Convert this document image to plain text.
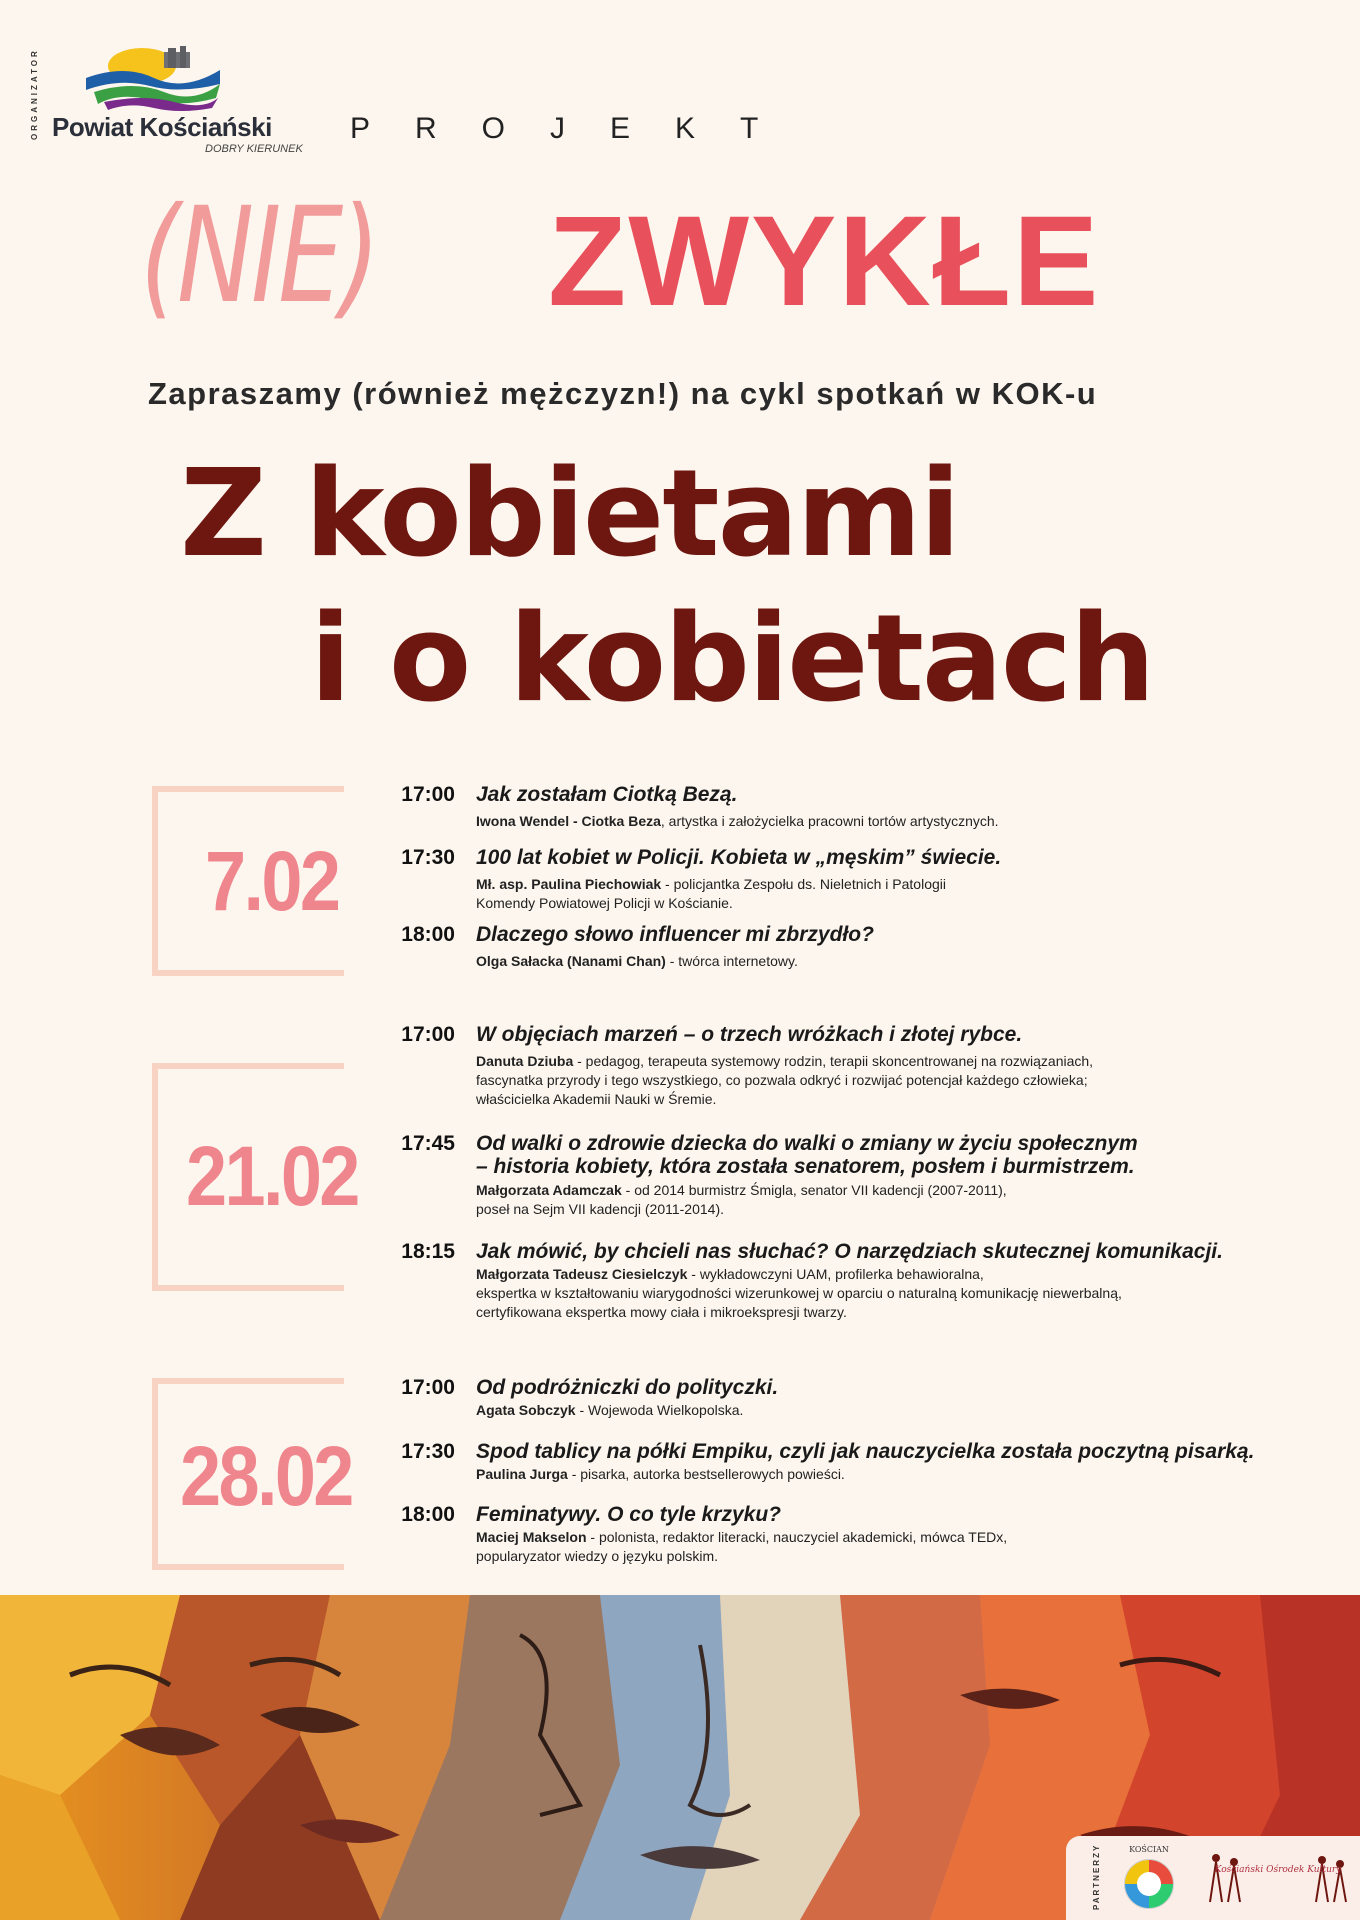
ORGANIZATOR Powiat Kościański
DOBRY KIERUNEK
PROJEKT
(NIE) ZWYKŁE
Zapraszamy (również mężczyzn!) na cykl spotkań w KOK-u
Z kobietami
i o kobietach
7.02
17:00 Jak zostałam Ciotką Bezą.
Iwona Wendel - Ciotka Beza, artystka i założycielka pracowni tortów artystycznych.
17:30 100 lat kobiet w Policji. Kobieta w „męskim” świecie.
Mł. asp. Paulina Piechowiak - policjantka Zespołu ds. Nieletnich i Patologii
Komendy Powiatowej Policji w Kościanie.
18:00 Dlaczego słowo influencer mi zbrzydło?
Olga Sałacka (Nanami Chan) - twórca internetowy.
21.02
17:00 W objęciach marzeń – o trzech wróżkach i złotej rybce.
Danuta Dziuba - pedagog, terapeuta systemowy rodzin, terapii skoncentrowanej na rozwiązaniach,
fascynatka przyrody i tego wszystkiego, co pozwala odkryć i rozwijać potencjał każdego człowieka;
właścicielka Akademii Nauki w Śremie.
17:45 Od walki o zdrowie dziecka do walki o zmiany w życiu społecznym
– historia kobiety, która została senatorem, posłem i burmistrzem.
Małgorzata Adamczak - od 2014 burmistrz Śmigla, senator VII kadencji (2007-2011),
poseł na Sejm VII kadencji (2011-2014).
18:15 Jak mówić, by chcieli nas słuchać? O narzędziach skutecznej komunikacji.
Małgorzata Tadeusz Ciesielczyk - wykładowczyni UAM, profilerka behawioralna,
ekspertka w kształtowaniu wiarygodności wizerunkowej w oparciu o naturalną komunikację niewerbalną,
certyfikowana ekspertka mowy ciała i mikroekspresji twarzy.
28.02
17:00 Od podróżniczki do polityczki.
Agata Sobczyk - Wojewoda Wielkopolska.
17:30 Spod tablicy na półki Empiku, czyli jak nauczycielka została poczytną pisarką.
Paulina Jurga - pisarka, autorka bestsellerowych powieści.
18:00 Feminatywy. O co tyle krzyku?
Maciej Makselon - polonista, redaktor literacki, nauczyciel akademicki, mówca TEDx,
popularyzator wiedzy o języku polskim.
PARTNERZY	KOŚCIAN
Kościański Ośrodek Kultury
